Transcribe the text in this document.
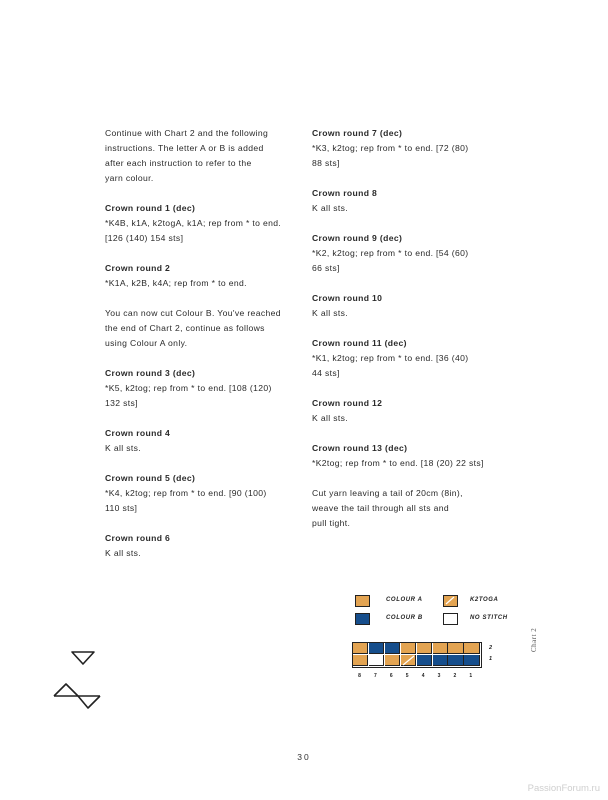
Continue with Chart 2 and the following
instructions. The letter A or B is added
after each instruction to refer to the
yarn colour.
Crown round 1 (dec)
*K4B, k1A, k2togA, k1A; rep from * to end.
[126 (140) 154 sts]
Crown round 2
*K1A, k2B, k4A; rep from * to end.
You can now cut Colour B. You've reached
the end of Chart 2, continue as follows
using Colour A only.
Crown round 3 (dec)
*K5, k2tog; rep from * to end. [108 (120)
132 sts]
Crown round 4
K all sts.
Crown round 5 (dec)
*K4, k2tog; rep from * to end. [90 (100)
110 sts]
Crown round 6
K all sts.
Crown round 7 (dec)
*K3, k2tog; rep from * to end. [72 (80)
88 sts]
Crown round 8
K all sts.
Crown round 9 (dec)
*K2, k2tog; rep from * to end. [54 (60)
66 sts]
Crown round 10
K all sts.
Crown round 11 (dec)
*K1, k2tog; rep from * to end. [36 (40)
44 sts]
Crown round 12
K all sts.
Crown round 13 (dec)
*K2tog; rep from * to end. [18 (20) 22 sts]
Cut yarn leaving a tail of 20cm (8in),
weave the tail through all sts and
pull tight.
COLOUR A	K2TOGA
COLOUR B	NO STITCH
2
1
8	7	6	5	4	3	2	1
Chart 2
30
PassionForum.ru
